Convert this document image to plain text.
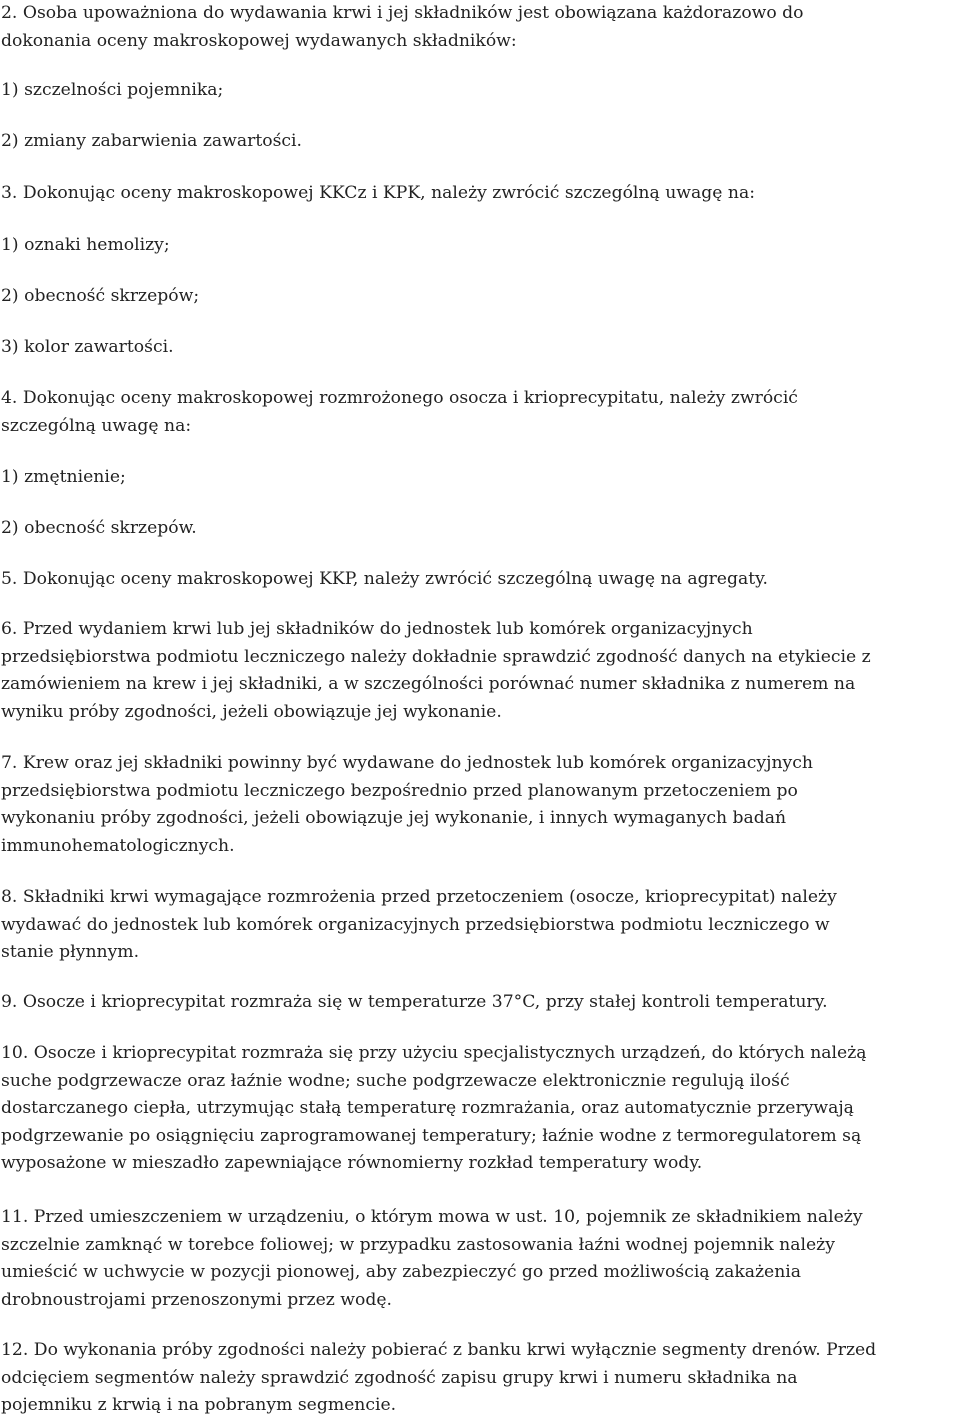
2. Osoba upoważniona do wydawania krwi i jej składników jest obowiązana każdorazowo do
dokonania oceny makroskopowej wydawanych składników:
1) szczelności pojemnika;
2) zmiany zabarwienia zawartości.
3. Dokonując oceny makroskopowej KKCz i KPK, należy zwrócić szczególną uwagę na:
1) oznaki hemolizy;
2) obecność skrzepów;
3) kolor zawartości.
4. Dokonując oceny makroskopowej rozmrożonego osocza i krioprecypitatu, należy zwrócić
szczególną uwagę na:
1) zmętnienie;
2) obecność skrzepów.
5. Dokonując oceny makroskopowej KKP, należy zwrócić szczególną uwagę na agregaty.
6. Przed wydaniem krwi lub jej składników do jednostek lub komórek organizacyjnych
przedsiębiorstwa podmiotu leczniczego należy dokładnie sprawdzić zgodność danych na etykiecie z
zamówieniem na krew i jej składniki, a w szczególności porównać numer składnika z numerem na
wyniku próby zgodności, jeżeli obowiązuje jej wykonanie.
7. Krew oraz jej składniki powinny być wydawane do jednostek lub komórek organizacyjnych
przedsiębiorstwa podmiotu leczniczego bezpośrednio przed planowanym przetoczeniem po
wykonaniu próby zgodności, jeżeli obowiązuje jej wykonanie, i innych wymaganych badań
immunohematologicznych.
8. Składniki krwi wymagające rozmrożenia przed przetoczeniem (osocze, krioprecypitat) należy
wydawać do jednostek lub komórek organizacyjnych przedsiębiorstwa podmiotu leczniczego w
stanie płynnym.
9. Osocze i krioprecypitat rozmraża się w temperaturze 37°C, przy stałej kontroli temperatury.
10. Osocze i krioprecypitat rozmraża się przy użyciu specjalistycznych urządzeń, do których należą
suche podgrzewacze oraz łaźnie wodne; suche podgrzewacze elektronicznie regulują ilość
dostarczanego ciepła, utrzymując stałą temperaturę rozmrażania, oraz automatycznie przerywają
podgrzewanie po osiągnięciu zaprogramowanej temperatury; łaźnie wodne z termoregulatorem są
wyposażone w mieszadło zapewniające równomierny rozkład temperatury wody.
11. Przed umieszczeniem w urządzeniu, o którym mowa w ust. 10, pojemnik ze składnikiem należy
szczelnie zamknąć w torebce foliowej; w przypadku zastosowania łaźni wodnej pojemnik należy
umieścić w uchwycie w pozycji pionowej, aby zabezpieczyć go przed możliwością zakażenia
drobnoustrojami przenoszonymi przez wodę.
12. Do wykonania próby zgodności należy pobierać z banku krwi wyłącznie segmenty drenów. Przed
odcięciem segmentów należy sprawdzić zgodność zapisu grupy krwi i numeru składnika na
pojemniku z krwią i na pobranym segmencie.
